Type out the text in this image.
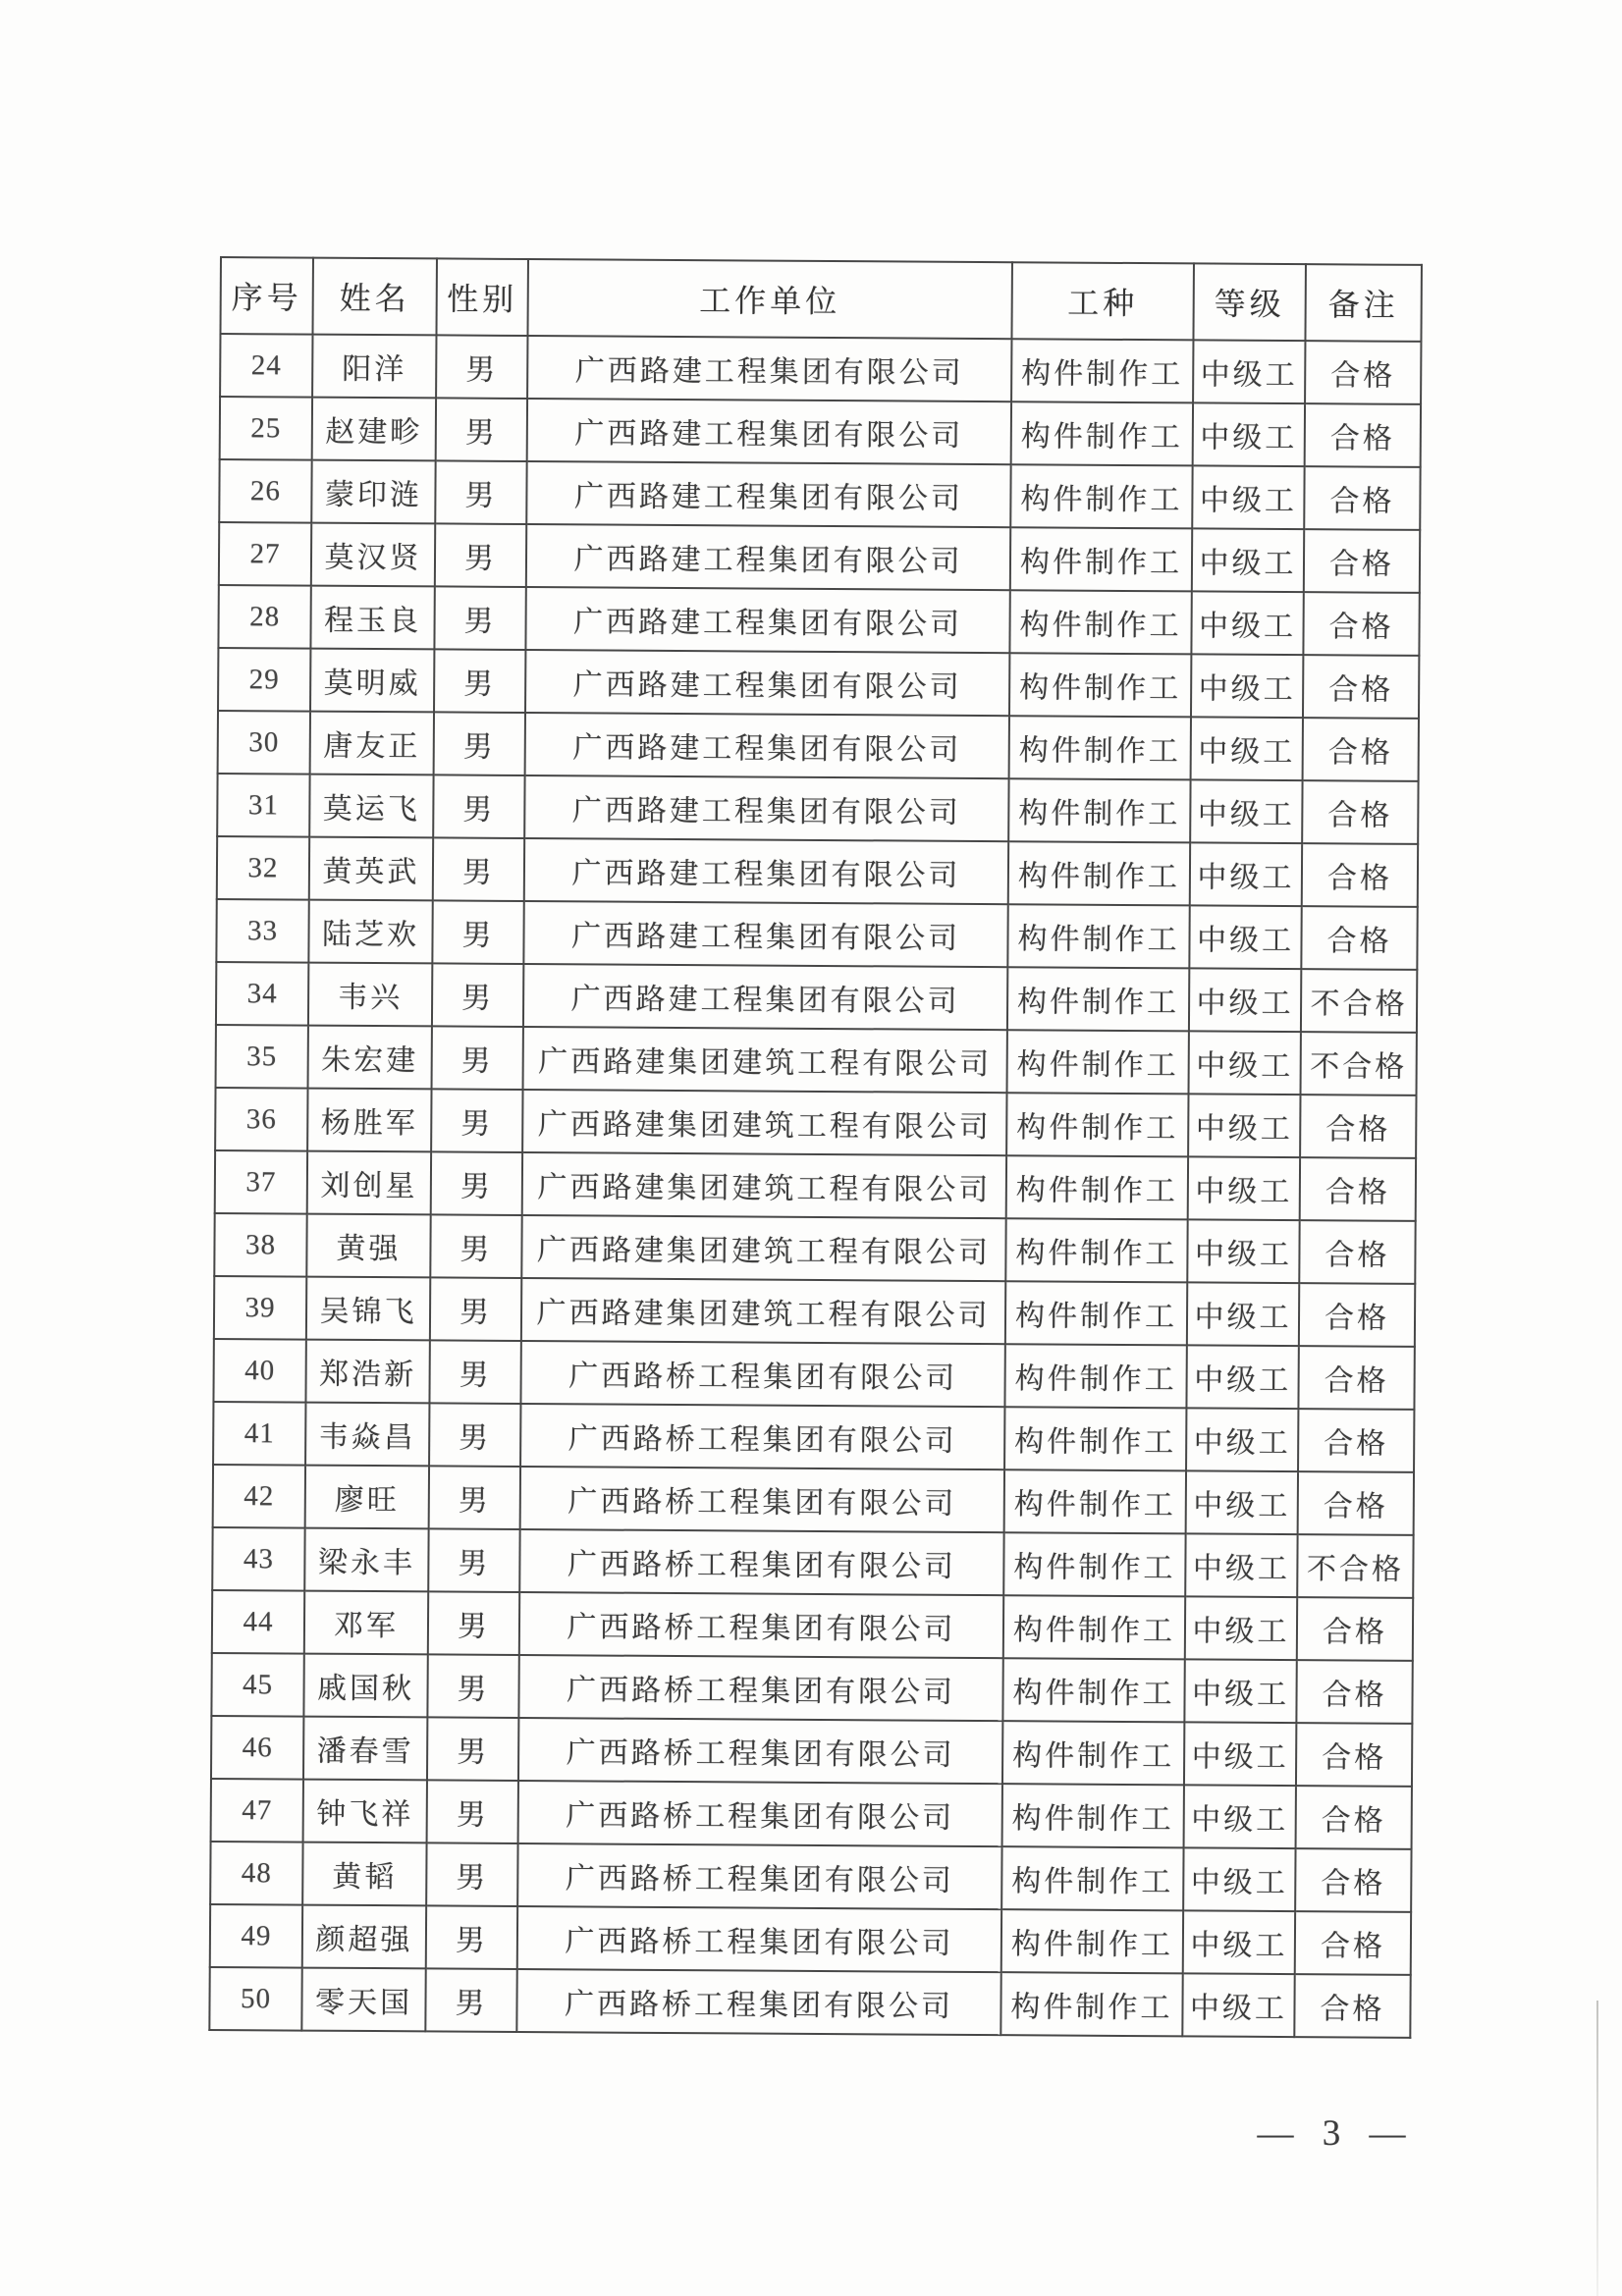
序号	姓名	性别	工作单位	工种	等级	备注
24	阳洋	男	广西路建工程集团有限公司	构件制作工	中级工	合格
25	赵建畛	男	广西路建工程集团有限公司	构件制作工	中级工	合格
26	蒙印涟	男	广西路建工程集团有限公司	构件制作工	中级工	合格
27	莫汉贤	男	广西路建工程集团有限公司	构件制作工	中级工	合格
28	程玉良	男	广西路建工程集团有限公司	构件制作工	中级工	合格
29	莫明威	男	广西路建工程集团有限公司	构件制作工	中级工	合格
30	唐友正	男	广西路建工程集团有限公司	构件制作工	中级工	合格
31	莫运飞	男	广西路建工程集团有限公司	构件制作工	中级工	合格
32	黄英武	男	广西路建工程集团有限公司	构件制作工	中级工	合格
33	陆芝欢	男	广西路建工程集团有限公司	构件制作工	中级工	合格
34	韦兴	男	广西路建工程集团有限公司	构件制作工	中级工	不合格
35	朱宏建	男	广西路建集团建筑工程有限公司	构件制作工	中级工	不合格
36	杨胜军	男	广西路建集团建筑工程有限公司	构件制作工	中级工	合格
37	刘创星	男	广西路建集团建筑工程有限公司	构件制作工	中级工	合格
38	黄强	男	广西路建集团建筑工程有限公司	构件制作工	中级工	合格
39	吴锦飞	男	广西路建集团建筑工程有限公司	构件制作工	中级工	合格
40	郑浩新	男	广西路桥工程集团有限公司	构件制作工	中级工	合格
41	韦焱昌	男	广西路桥工程集团有限公司	构件制作工	中级工	合格
42	廖旺	男	广西路桥工程集团有限公司	构件制作工	中级工	合格
43	梁永丰	男	广西路桥工程集团有限公司	构件制作工	中级工	不合格
44	邓军	男	广西路桥工程集团有限公司	构件制作工	中级工	合格
45	戚国秋	男	广西路桥工程集团有限公司	构件制作工	中级工	合格
46	潘春雪	男	广西路桥工程集团有限公司	构件制作工	中级工	合格
47	钟飞祥	男	广西路桥工程集团有限公司	构件制作工	中级工	合格
48	黄韬	男	广西路桥工程集团有限公司	构件制作工	中级工	合格
49	颜超强	男	广西路桥工程集团有限公司	构件制作工	中级工	合格
50	零天国	男	广西路桥工程集团有限公司	构件制作工	中级工	合格
— 3 —
